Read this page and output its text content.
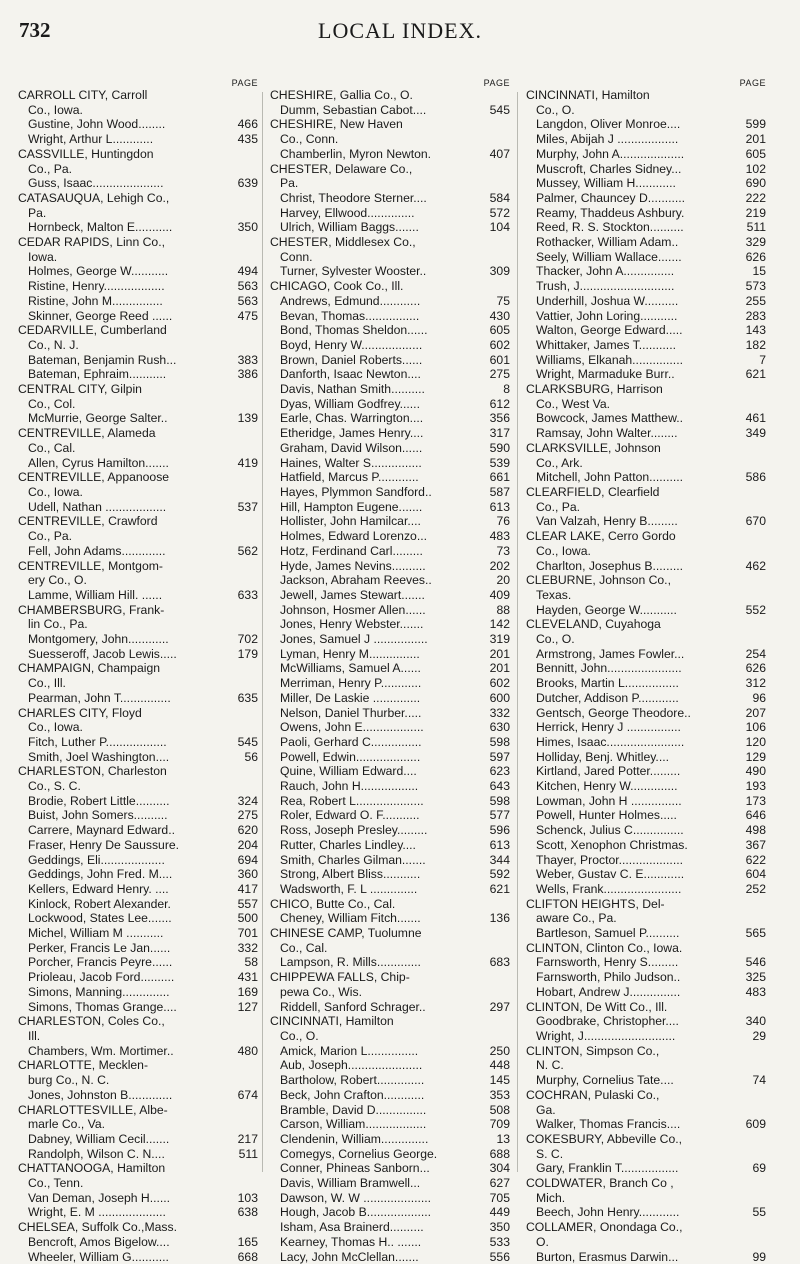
732	LOCAL INDEX.
PAGE
CARROLL CITY, Carroll
Co., Iowa.
466
Gustine, John Wood........
435
Wright, Arthur L............
CASSVILLE, Huntingdon
Co., Pa.
639
Guss, Isaac.....................
CATASAUQUA, Lehigh Co.,
Pa.
350
Hornbeck, Malton E...........
CEDAR RAPIDS, Linn Co.,
Iowa.
494
Holmes, George W...........
563
Ristine, Henry..................
563
Ristine, John M...............
475
Skinner, George Reed ......
CEDARVILLE, Cumberland
Co., N. J.
383
Bateman, Benjamin Rush...
386
Bateman, Ephraim...........
CENTRAL CITY, Gilpin
Co., Col.
139
McMurrie, George Salter..
CENTREVILLE, Alameda
Co., Cal.
419
Allen, Cyrus Hamilton.......
CENTREVILLE, Appanoose
Co., Iowa.
537
Udell, Nathan ..................
CENTREVILLE, Crawford
Co., Pa.
562
Fell, John Adams.............
CENTREVILLE, Montgom-
ery Co., O.
633
Lamme, William Hill. ......
CHAMBERSBURG, Frank-
lin Co., Pa.
702
Montgomery, John............
179
Suesseroff, Jacob Lewis.....
CHAMPAIGN, Champaign
Co., Ill.
635
Pearman, John T...............
CHARLES CITY, Floyd
Co., Iowa.
545
Fitch, Luther P..................
56
Smith, Joel Washington....
CHARLESTON, Charleston
Co., S. C.
324
Brodie, Robert Little..........
275
Buist, John Somers..........
620
Carrere, Maynard Edward..
204
Fraser, Henry De Saussure.
694
Geddings, Eli...................
360
Geddings, John Fred. M....
417
Kellers, Edward Henry. ....
557
Kinlock, Robert Alexander.
500
Lockwood, States Lee.......
701
Michel, William M ...........
332
Perker, Francis Le Jan......
58
Porcher, Francis Peyre......
431
Prioleau, Jacob Ford..........
169
Simons, Manning..............
127
Simons, Thomas Grange....
CHARLESTON, Coles Co.,
Ill.
480
Chambers, Wm. Mortimer..
CHARLOTTE, Mecklen-
burg Co., N. C.
674
Jones, Johnston B.............
CHARLOTTESVILLE, Albe-
marle Co., Va.
217
Dabney, William Cecil.......
511
Randolph, Wilson C. N....
CHATTANOOGA, Hamilton
Co., Tenn.
103
Van Deman, Joseph H......
638
Wright, E. M ....................
CHELSEA, Suffolk Co.,Mass.
165
Bencroft, Amos Bigelow....
668
Wheeler, William G...........
PAGE
CHESHIRE, Gallia Co., O.
545
Dumm, Sebastian Cabot....
CHESHIRE, New Haven
Co., Conn.
407
Chamberlin, Myron Newton.
CHESTER, Delaware Co.,
Pa.
584
Christ, Theodore Sterner....
572
Harvey, Ellwood..............
104
Ulrich, William Baggs.......
CHESTER, Middlesex Co.,
Conn.
309
Turner, Sylvester Wooster..
CHICAGO, Cook Co., Ill.
75
Andrews, Edmund............
430
Bevan, Thomas................
605
Bond, Thomas Sheldon......
602
Boyd, Henry W..................
601
Brown, Daniel Roberts......
275
Danforth, Isaac Newton....
8
Davis, Nathan Smith..........
612
Dyas, William Godfrey......
356
Earle, Chas. Warrington....
317
Etheridge, James Henry....
590
Graham, David Wilson......
539
Haines, Walter S...............
661
Hatfield, Marcus P............
587
Hayes, Plymmon Sandford..
613
Hill, Hampton Eugene.......
76
Hollister, John Hamilcar....
483
Holmes, Edward Lorenzo...
73
Hotz, Ferdinand Carl.........
202
Hyde, James Nevins..........
20
Jackson, Abraham Reeves..
409
Jewell, James Stewart.......
88
Johnson, Hosmer Allen......
142
Jones, Henry Webster.......
319
Jones, Samuel J ................
201
Lyman, Henry M...............
201
McWilliams, Samuel A......
602
Merriman, Henry P............
600
Miller, De Laskie ..............
332
Nelson, Daniel Thurber.....
630
Owens, John E..................
598
Paoli, Gerhard C...............
597
Powell, Edwin...................
623
Quine, William Edward....
643
Rauch, John H.................
598
Rea, Robert L....................
577
Roler, Edward O. F...........
596
Ross, Joseph Presley.........
613
Rutter, Charles Lindley....
344
Smith, Charles Gilman.......
592
Strong, Albert Bliss...........
621
Wadsworth, F. L ..............
CHICO, Butte Co., Cal.
136
Cheney, William Fitch.......
CHINESE CAMP, Tuolumne
Co., Cal.
683
Lampson, R. Mills.............
CHIPPEWA FALLS, Chip-
pewa Co., Wis.
297
Riddell, Sanford Schrager..
CINCINNATI, Hamilton
Co., O.
250
Amick, Marion L...............
448
Aub, Joseph......................
145
Bartholow, Robert..............
353
Beck, John Crafton............
508
Bramble, David D...............
709
Carson, William..................
13
Clendenin, William..............
688
Comegys, Cornelius George.
304
Conner, Phineas Sanborn...
627
Davis, William Bramwell...
705
Dawson, W. W ....................
449
Hough, Jacob B...................
350
Isham, Asa Brainerd..........
533
Kearney, Thomas H.. .......
556
Lacy, John McClellan.......
PAGE
CINCINNATI, Hamilton
Co., O.
599
Langdon, Oliver Monroe....
201
Miles, Abijah J ..................
605
Murphy, John A...................
102
Muscroft, Charles Sidney...
690
Mussey, William H............
222
Palmer, Chauncey D...........
219
Reamy, Thaddeus Ashbury.
511
Reed, R. S. Stockton..........
329
Rothacker, William Adam..
626
Seely, William Wallace.......
15
Thacker, John A...............
573
Trush, J............................
255
Underhill, Joshua W..........
283
Vattier, John Loring...........
143
Walton, George Edward.....
182
Whittaker, James T...........
7
Williams, Elkanah...............
621
Wright, Marmaduke Burr..
CLARKSBURG, Harrison
Co., West Va.
461
Bowcock, James Matthew..
349
Ramsay, John Walter........
CLARKSVILLE, Johnson
Co., Ark.
586
Mitchell, John Patton..........
CLEARFIELD, Clearfield
Co., Pa.
670
Van Valzah, Henry B.........
CLEAR LAKE, Cerro Gordo
Co., Iowa.
462
Charlton, Josephus B.........
CLEBURNE, Johnson Co.,
Texas.
552
Hayden, George W...........
CLEVELAND, Cuyahoga
Co., O.
254
Armstrong, James Fowler...
626
Bennitt, John......................
312
Brooks, Martin L................
96
Dutcher, Addison P............
207
Gentsch, George Theodore..
106
Herrick, Henry J ................
120
Himes, Isaac.......................
129
Holliday, Benj. Whitley....
490
Kirtland, Jared Potter.........
193
Kitchen, Henry W..............
173
Lowman, John H ...............
646
Powell, Hunter Holmes.....
498
Schenck, Julius C...............
367
Scott, Xenophon Christmas.
622
Thayer, Proctor...................
604
Weber, Gustav C. E............
252
Wells, Frank.......................
CLIFTON HEIGHTS, Del-
aware Co., Pa.
565
Bartleson, Samuel P..........
CLINTON, Clinton Co., Iowa.
546
Farnsworth, Henry S.........
325
Farnsworth, Philo Judson..
483
Hobart, Andrew J...............
CLINTON, De Witt Co., Ill.
340
Goodbrake, Christopher....
29
Wright, J...........................
CLINTON, Simpson Co.,
N. C.
74
Murphy, Cornelius Tate....
COCHRAN, Pulaski Co.,
Ga.
609
Walker, Thomas Francis....
COKESBURY, Abbeville Co.,
S. C.
69
Gary, Franklin T.................
COLDWATER, Branch Co ,
Mich.
55
Beech, John Henry............
COLLAMER, Onondaga Co.,
O.
99
Burton, Erasmus Darwin...
